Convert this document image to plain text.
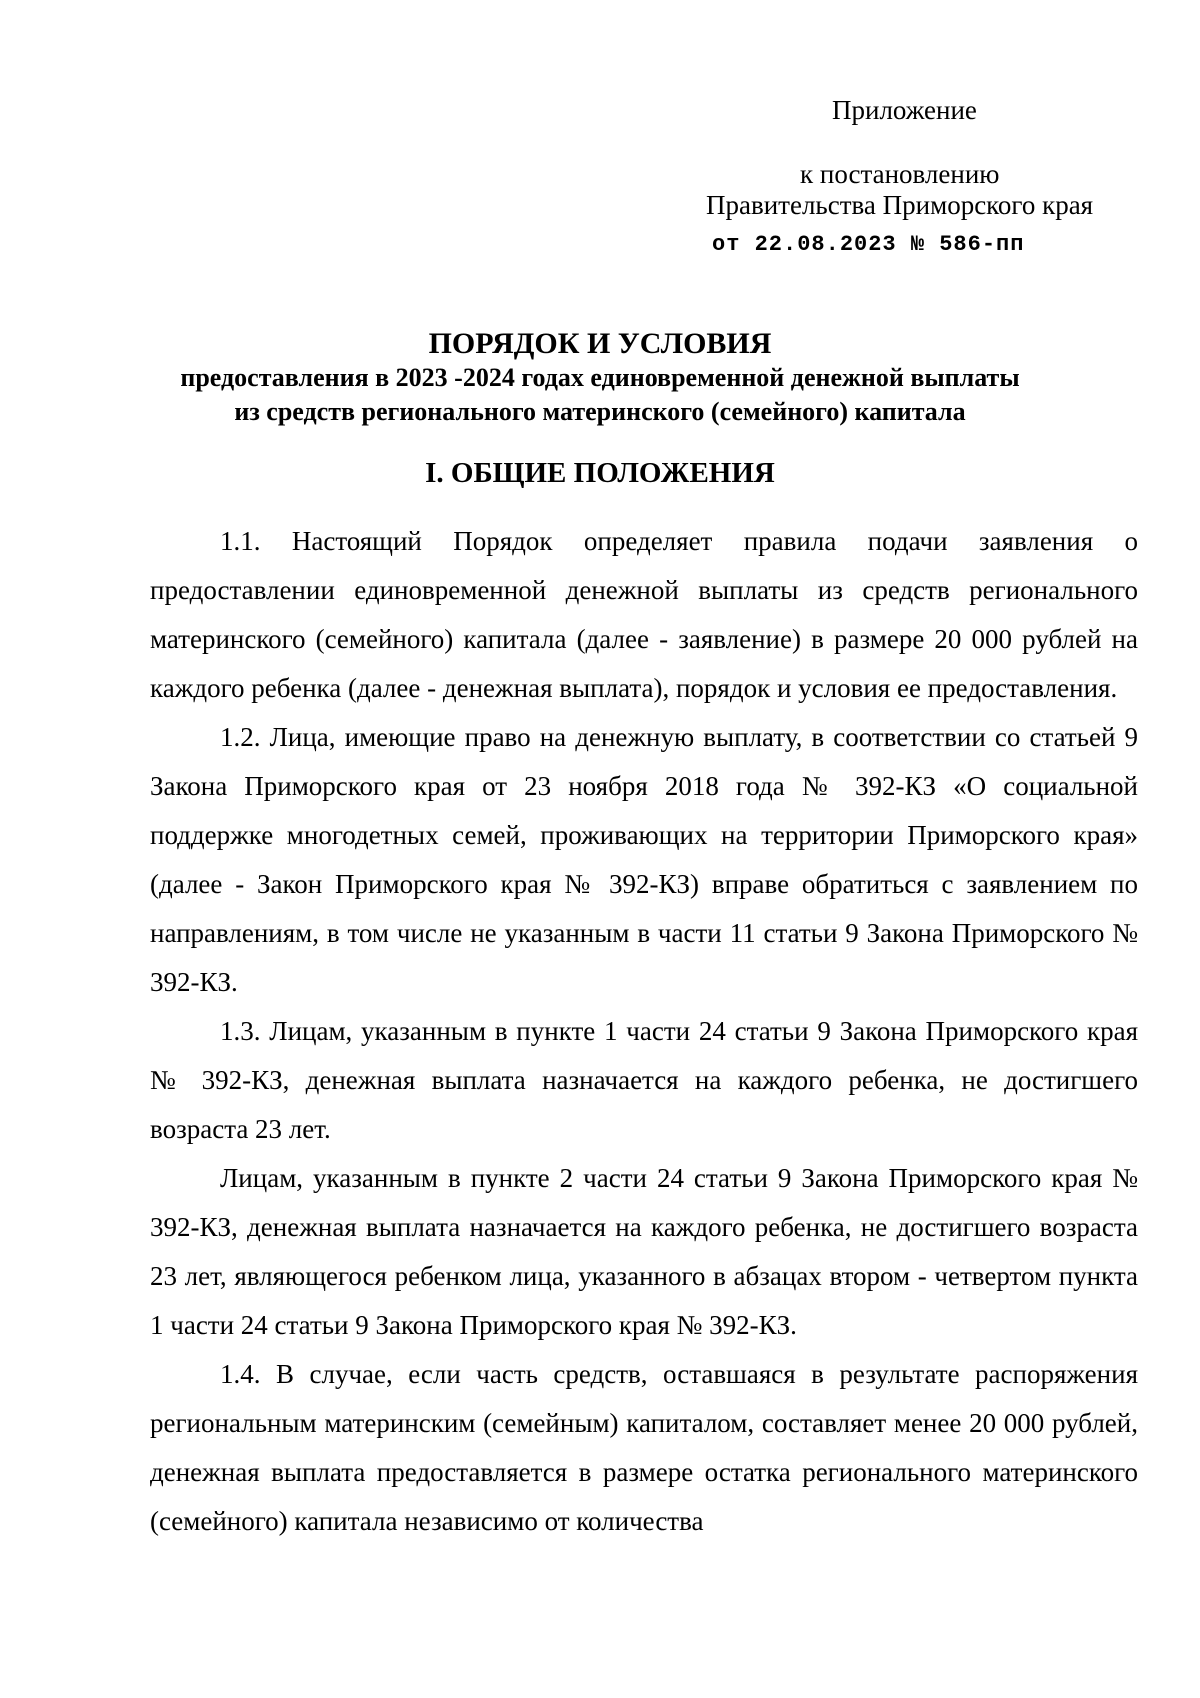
Приложение
к постановлению
Правительства Приморского края
от 22.08.2023 № 586-пп
ПОРЯДОК И УСЛОВИЯ
предоставления в 2023 -2024 годах единовременной денежной выплаты
из средств регионального материнского (семейного) капитала
I. ОБЩИЕ ПОЛОЖЕНИЯ

1.1. Настоящий Порядок определяет правила подачи заявления о предоставлении единовременной денежной выплаты из средств регионального материнского (семейного) капитала (далее - заявление) в размере 20 000 рублей на каждого ребенка (далее - денежная выплата), порядок и условия ее предоставления.

1.2. Лица, имеющие право на денежную выплату, в соответствии со статьей 9 Закона Приморского края от 23 ноября 2018 года № 392-КЗ «О социальной поддержке многодетных семей, проживающих на территории Приморского края» (далее - Закон Приморского края № 392-КЗ) вправе обратиться с заявлением по направлениям, в том числе не указанным в части 11 статьи 9 Закона Приморского № 392-КЗ.

1.3. Лицам, указанным в пункте 1 части 24 статьи 9 Закона Приморского края № 392-КЗ, денежная выплата назначается на каждого ребенка, не достигшего возраста 23 лет.

Лицам, указанным в пункте 2 части 24 статьи 9 Закона Приморского края № 392-КЗ, денежная выплата назначается на каждого ребенка, не достигшего возраста 23 лет, являющегося ребенком лица, указанного в абзацах втором - четвертом пункта 1 части 24 статьи 9 Закона Приморского края № 392-КЗ.

1.4. В случае, если часть средств, оставшаяся в результате распоряжения региональным материнским (семейным) капиталом, составляет менее 20 000 рублей, денежная выплата предоставляется в размере остатка регионального материнского (семейного) капитала независимо от количества
